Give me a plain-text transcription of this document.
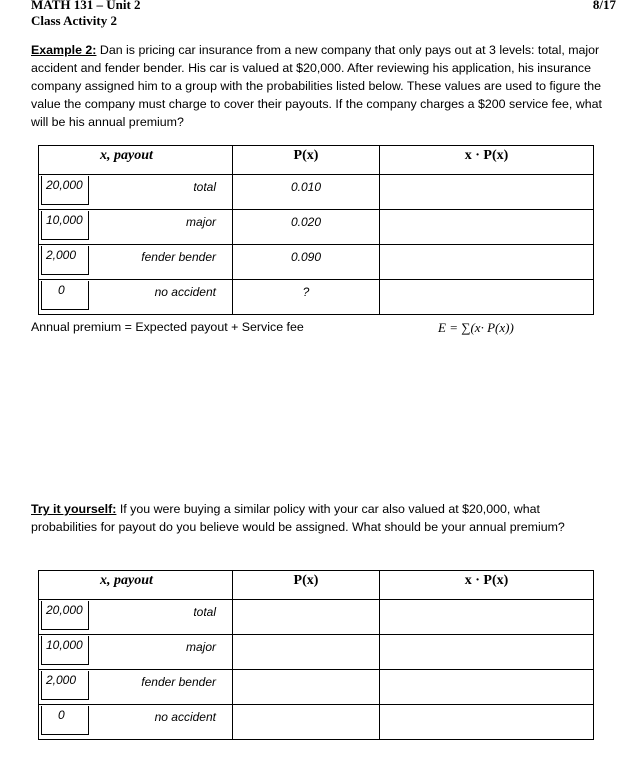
MATH 131 – Unit 2
Class Activity 2
8/17

Example 2: Dan is pricing car insurance from a new company that only pays out at 3 levels: total, major accident and fender bender. His car is valued at $20,000. After reviewing his application, his insurance company assigned him to a group with the probabilities listed below. These values are used to figure the value the company must charge to cover their payouts. If the company charges a $200 service fee, what will be his annual premium?

x, payout	P(x)	x · P(x)

20,000 total	0.010	

10,000 major	0.020	

2,000 fender bender	0.090	

0 no accident	?	
Annual premium = Expected payout + Service fee	E = ∑(x· P(x))

Try it yourself: If you were buying a similar policy with your car also valued at $20,000, what probabilities for payout do you believe would be assigned. What should be your annual premium?

x, payout	P(x)	x · P(x)

20,000 total		

10,000 major		

2,000 fender bender		

0 no accident		
